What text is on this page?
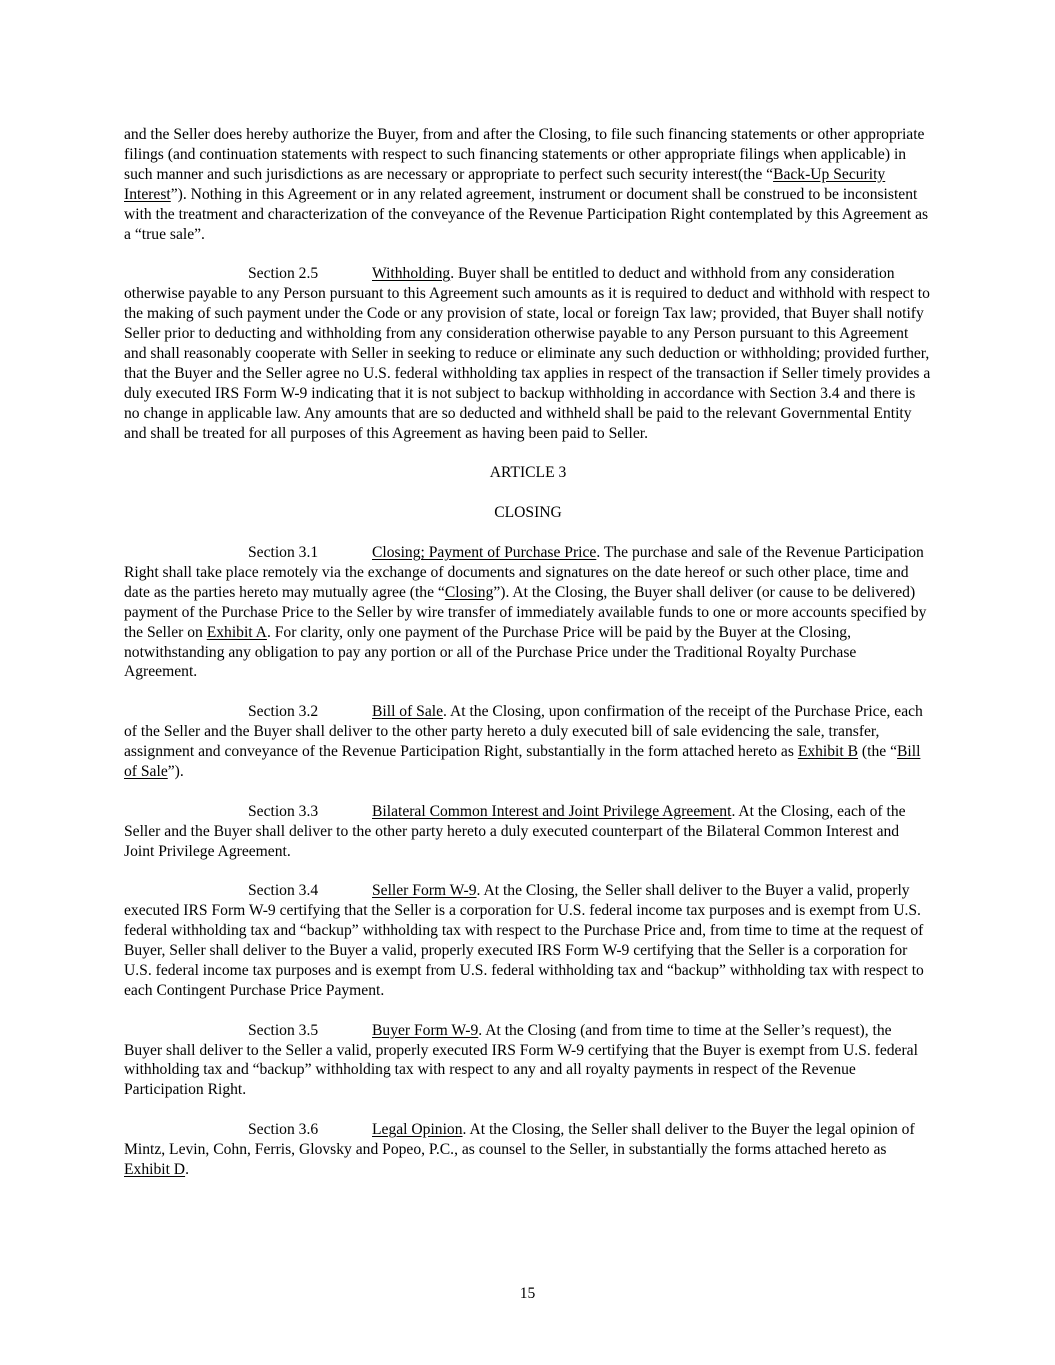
and the Seller does hereby authorize the Buyer, from and after the Closing, to file such financing statements or other appropriate filings (and continuation statements with respect to such financing statements or other appropriate filings when applicable) in such manner and such jurisdictions as are necessary or appropriate to perfect such security interest(the “Back-Up Security Interest”). Nothing in this Agreement or in any related agreement, instrument or document shall be construed to be inconsistent with the treatment and characterization of the conveyance of the Revenue Participation Right contemplated by this Agreement as a “true sale”.

Section 2.5	Withholding. Buyer shall be entitled to deduct and withhold from any consideration otherwise payable to any Person pursuant to this Agreement such amounts as it is required to deduct and withhold with respect to the making of such payment under the Code or any provision of state, local or foreign Tax law; provided, that Buyer shall notify Seller prior to deducting and withholding from any consideration otherwise payable to any Person pursuant to this Agreement and shall reasonably cooperate with Seller in seeking to reduce or eliminate any such deduction or withholding; provided further, that the Buyer and the Seller agree no U.S. federal withholding tax applies in respect of the transaction if Seller timely provides a duly executed IRS Form W-9 indicating that it is not subject to backup withholding in accordance with Section 3.4 and there is no change in applicable law. Any amounts that are so deducted and withheld shall be paid to the relevant Governmental Entity and shall be treated for all purposes of this Agreement as having been paid to Seller.

ARTICLE 3

CLOSING

Section 3.1	Closing; Payment of Purchase Price. The purchase and sale of the Revenue Participation Right shall take place remotely via the exchange of documents and signatures on the date hereof or such other place, time and date as the parties hereto may mutually agree (the “Closing”). At the Closing, the Buyer shall deliver (or cause to be delivered) payment of the Purchase Price to the Seller by wire transfer of immediately available funds to one or more accounts specified by the Seller on Exhibit A. For clarity, only one payment of the Purchase Price will be paid by the Buyer at the Closing, notwithstanding any obligation to pay any portion or all of the Purchase Price under the Traditional Royalty Purchase Agreement.

Section 3.2	Bill of Sale. At the Closing, upon confirmation of the receipt of the Purchase Price, each of the Seller and the Buyer shall deliver to the other party hereto a duly executed bill of sale evidencing the sale, transfer, assignment and conveyance of the Revenue Participation Right, substantially in the form attached hereto as Exhibit B (the “Bill of Sale”).

Section 3.3	Bilateral Common Interest and Joint Privilege Agreement. At the Closing, each of the Seller and the Buyer shall deliver to the other party hereto a duly executed counterpart of the Bilateral Common Interest and Joint Privilege Agreement.

Section 3.4	Seller Form W-9. At the Closing, the Seller shall deliver to the Buyer a valid, properly executed IRS Form W-9 certifying that the Seller is a corporation for U.S. federal income tax purposes and is exempt from U.S. federal withholding tax and “backup” withholding tax with respect to the Purchase Price and, from time to time at the request of Buyer, Seller shall deliver to the Buyer a valid, properly executed IRS Form W-9 certifying that the Seller is a corporation for U.S. federal income tax purposes and is exempt from U.S. federal withholding tax and “backup” withholding tax with respect to each Contingent Purchase Price Payment.

Section 3.5	Buyer Form W-9. At the Closing (and from time to time at the Seller’s request), the Buyer shall deliver to the Seller a valid, properly executed IRS Form W-9 certifying that the Buyer is exempt from U.S. federal withholding tax and “backup” withholding tax with respect to any and all royalty payments in respect of the Revenue Participation Right.

Section 3.6	Legal Opinion. At the Closing, the Seller shall deliver to the Buyer the legal opinion of Mintz, Levin, Cohn, Ferris, Glovsky and Popeo, P.C., as counsel to the Seller, in substantially the forms attached hereto as Exhibit D.

15
